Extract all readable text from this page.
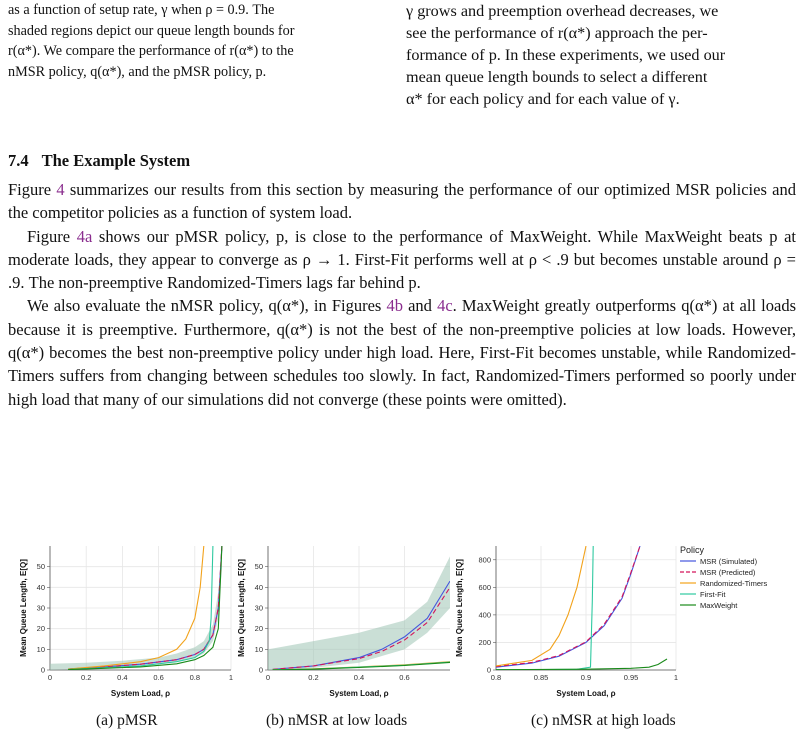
as a function of setup rate, γ when ρ = 0.9. The

shaded regions depict our queue length bounds for

r(α*). We compare the performance of r(α*) to the

nMSR policy, q(α*), and the pMSR policy, p.

γ grows and preemption overhead decreases, we

see the performance of r(α*) approach the per-

formance of p. In these experiments, we used our

mean queue length bounds to select a different

α* for each policy and for each value of γ.

7.4 The Example System

Figure 4 summarizes our results from this section by measuring the performance of our optimized MSR policies and the competitor policies as a function of system load.

Figure 4a shows our pMSR policy, p, is close to the performance of MaxWeight. While MaxWeight beats p at moderate loads, they appear to converge as ρ → 1. First-Fit performs well at ρ < .9 but becomes unstable around ρ = .9. The non-preemptive Randomized-Timers lags far behind p.

We also evaluate the nMSR policy, q(α*), in Figures 4b and 4c. MaxWeight greatly outperforms q(α*) at all loads because it is preemptive. Furthermore, q(α*) is not the best of the non-preemptive policies at low loads. However, q(α*) becomes the best non-preemptive policy under high load. Here, First-Fit becomes unstable, while Randomized-Timers suffers from changing between schedules too slowly. In fact, Randomized-Timers performed so poorly under high load that many of our simulations did not converge (these points were omitted).

0	0.2	0.4	0.6	0.8	1
0
10
20
30
40
50
System Load, ρ
Mean Queue Length, E[Q]
0	0.2	0.4	0.6
0
10
20
30
40
50
System Load, ρ
Mean Queue Length, E[Q]
0.8	0.85	0.9	0.95	1
0
200
400
600
800
System Load, ρ
Mean Queue Length, E[Q]
Policy
MSR (Simulated)
MSR (Predicted)
Randomized-Timers
First-Fit
MaxWeight
(a) pMSR	(b) nMSR at low loads	(c) nMSR at high loads
